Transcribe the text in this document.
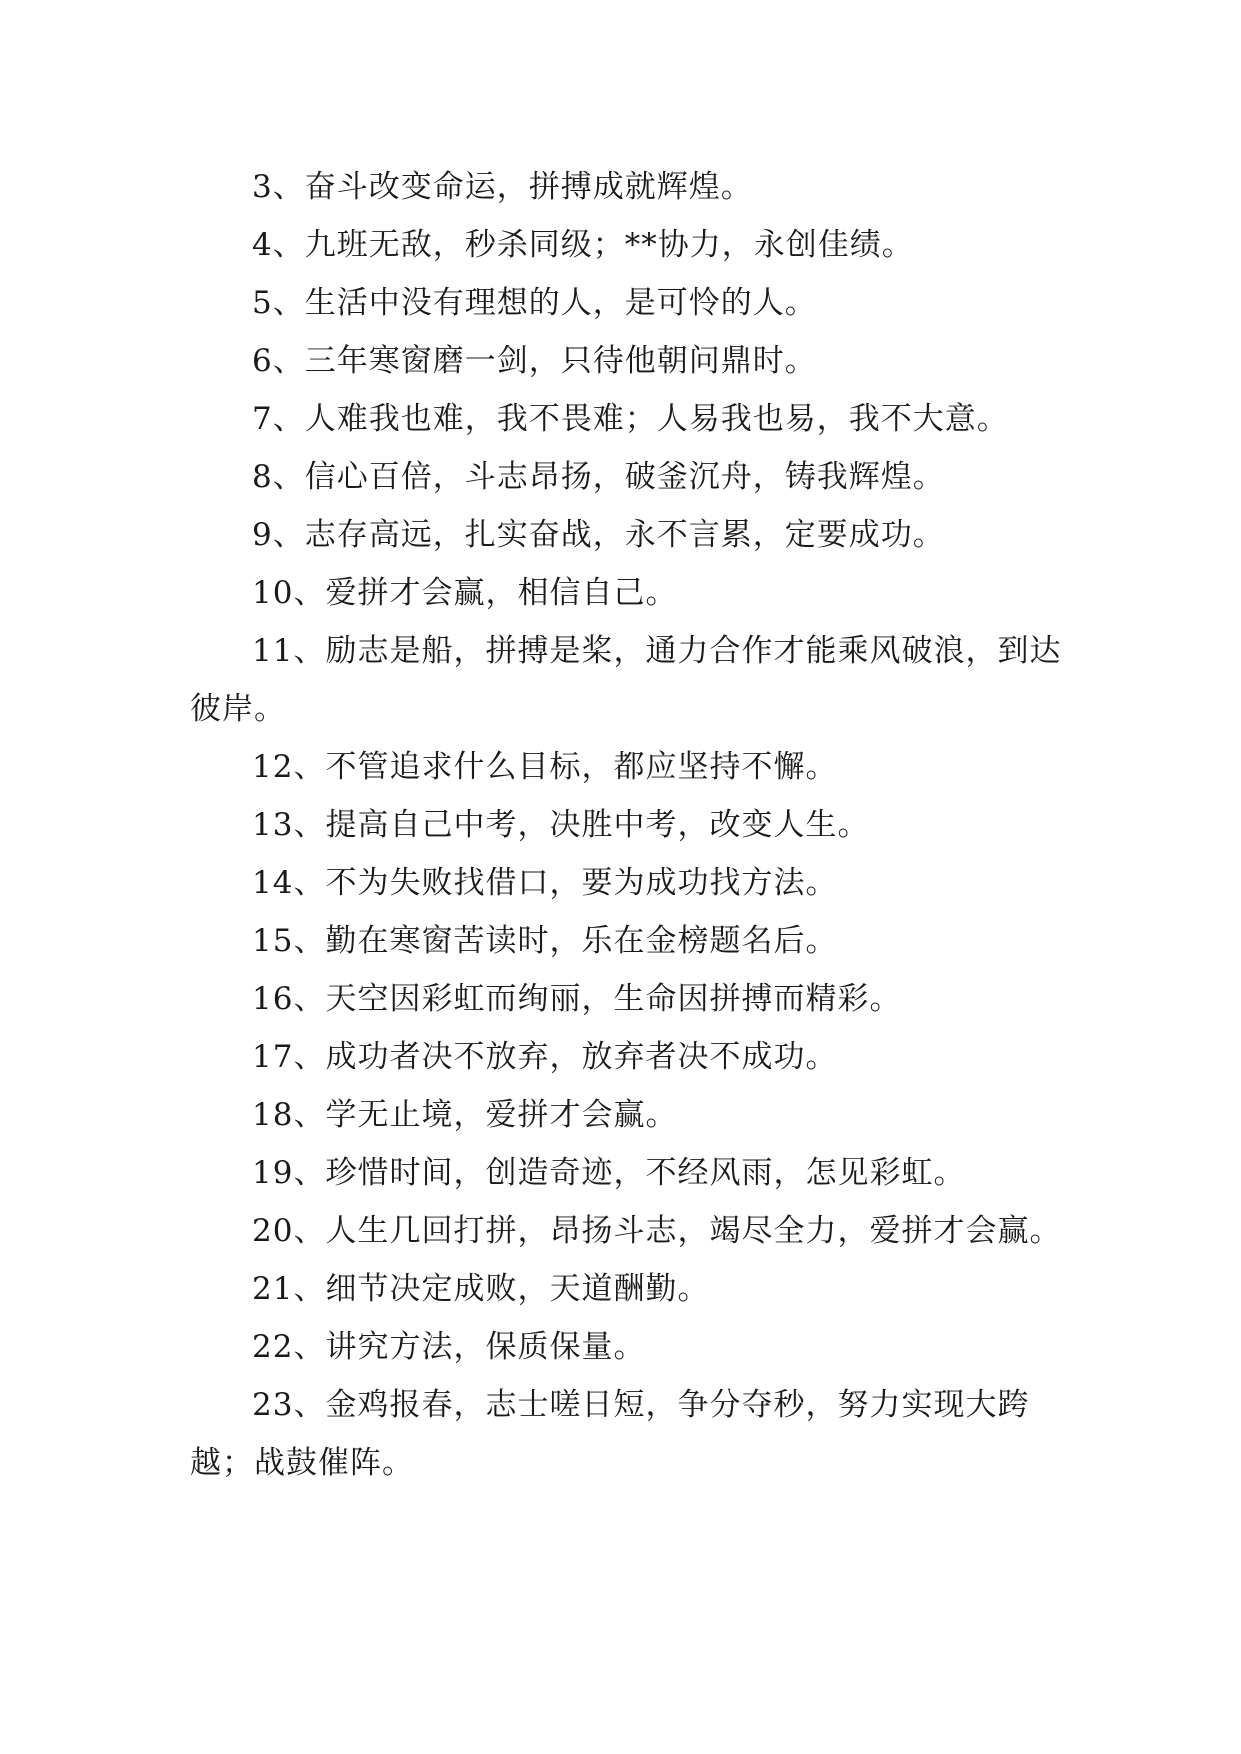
3、奋斗改变命运，拼搏成就辉煌。

4、九班无敌，秒杀同级；**协力，永创佳绩。

5、生活中没有理想的人，是可怜的人。

6、三年寒窗磨一剑，只待他朝问鼎时。

7、人难我也难，我不畏难；人易我也易，我不大意。

8、信心百倍，斗志昂扬，破釜沉舟，铸我辉煌。

9、志存高远，扎实奋战，永不言累，定要成功。

10、爱拼才会赢，相信自己。

11、励志是船，拼搏是桨，通力合作才能乘风破浪，到达彼岸。

12、不管追求什么目标，都应坚持不懈。

13、提高自己中考，决胜中考，改变人生。

14、不为失败找借口，要为成功找方法。

15、勤在寒窗苦读时，乐在金榜题名后。

16、天空因彩虹而绚丽，生命因拼搏而精彩。

17、成功者决不放弃，放弃者决不成功。

18、学无止境，爱拼才会赢。

19、珍惜时间，创造奇迹，不经风雨，怎见彩虹。

20、人生几回打拼，昂扬斗志，竭尽全力，爱拼才会赢。

21、细节决定成败，天道酬勤。

22、讲究方法，保质保量。

23、金鸡报春，志士嗟日短，争分夺秒，努力实现大跨越；战鼓催阵。
